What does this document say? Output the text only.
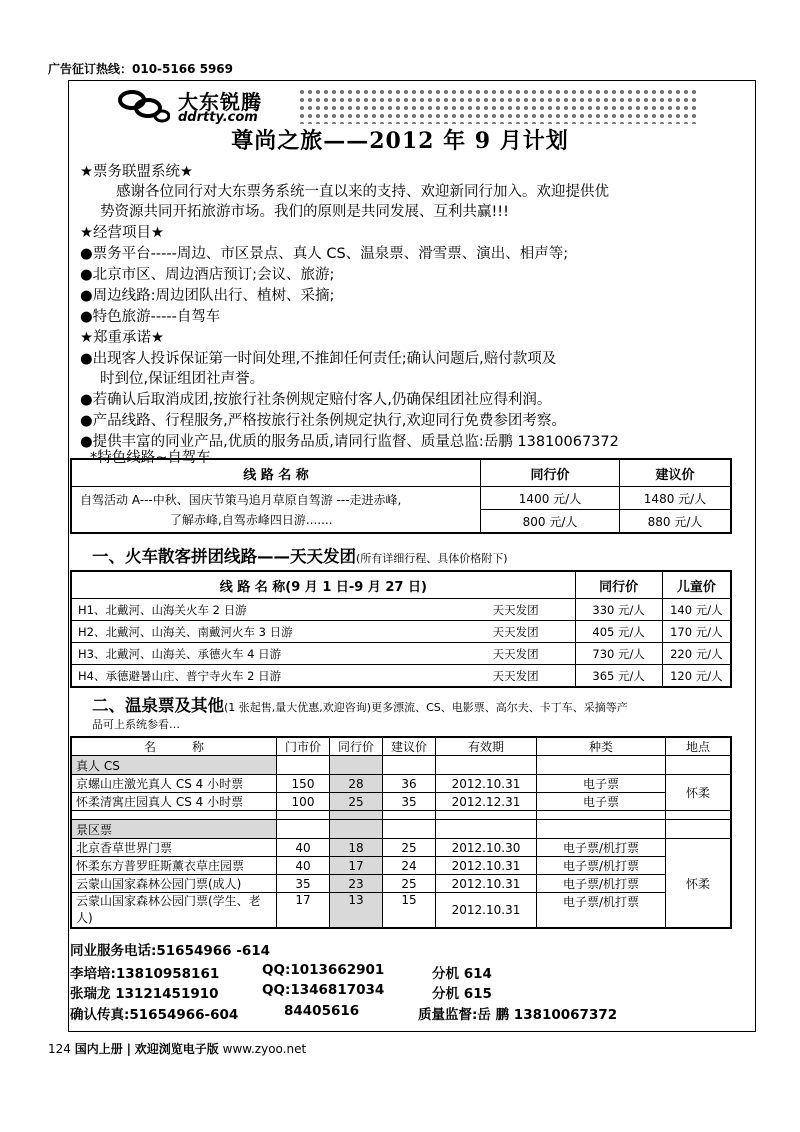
广告征订热线：010-5166 5969
大东锐腾
ddrtty.com
尊尚之旅——2012 年 9 月计划
★票务联盟系统★
感谢各位同行对大东票务系统一直以来的支持、欢迎新同行加入。欢迎提供优
势资源共同开拓旅游市场。我们的原则是共同发展、互利共赢!!!
★经营项目★
●票务平台-----周边、市区景点、真人 CS、温泉票、滑雪票、演出、相声等;
●北京市区、周边酒店预订;会议、旅游;
●周边线路:周边团队出行、植树、采摘;
●特色旅游-----自驾车
★郑重承诺★
●出现客人投诉保证第一时间处理,不推卸任何责任;确认问题后,赔付款项及
时到位,保证组团社声誉。
●若确认后取消成团,按旅行社条例规定赔付客人,仍确保组团社应得利润。
●产品线路、行程服务,严格按旅行社条例规定执行,欢迎同行免费参团考察。
●提供丰富的同业产品,优质的服务品质,请同行监督、质量总监:岳鹏 13810067372
*特色线路~自驾车
线 路 名 称	同行价	建议价

自驾活动 A---中秋、国庆节策马追月草原自驾游 ---走进赤峰,
了解赤峰,自驾赤峰四日游.......	1400 元/人	1480 元/人
	800 元/人	880 元/人
一、火车散客拼团线路——天天发团(所有详细行程、具体价格附下)
线 路 名 称(9 月 1 日-9 月 27 日)		同行价	儿童价
H1、北戴河、山海关火车 2 日游	天天发团	330 元/人	140 元/人
H2、北戴河、山海关、南戴河火车 3 日游	天天发团	405 元/人	170 元/人
H3、北戴河、山海关、承德火车 4 日游	天天发团	730 元/人	220 元/人
H4、承德避暑山庄、普宁寺火车 2 日游	天天发团	365 元/人	120 元/人
二、温泉票及其他(1 张起售,量大优惠,欢迎咨询)更多漂流、CS、电影票、高尔夫、卡丁车、采摘等产
品可上系统参看…
名　　　称	门市价	同行价	建议价	有效期	种类	地点
真人 CS						
京螺山庄激光真人 CS 4 小时票	150	28	36	2012.10.31	电子票	怀柔
怀柔清寓庄园真人 CS 4 小时票	100	25	35	2012.12.31	电子票	

景区票						
北京香草世界门票	40	18	25	2012.10.30	电子票/机打票	怀柔
怀柔东方普罗旺斯薰衣草庄园票	40	17	24	2012.10.31	电子票/机打票	
云蒙山国家森林公园门票(成人)	35	23	25	2012.10.31	电子票/机打票	
云蒙山国家森林公园门票(学生、老人)	17	13	15	2012.10.31	电子票/机打票	
同业服务电话:51654966 -614
李培培:13810958161	QQ:1013662901	分机 614
张瑞龙 13121451910	QQ:1346817034	分机 615
确认传真:51654966-604	84405616	质量监督:岳 鹏 13810067372
124 国内上册 | 欢迎浏览电子版 www.zyoo.net
